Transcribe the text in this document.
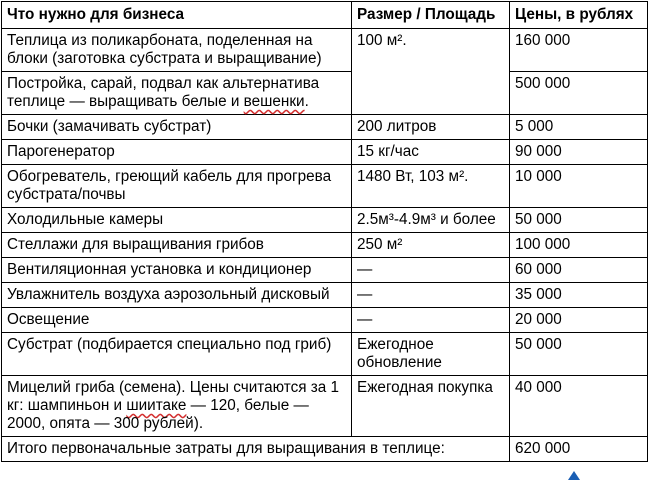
Что нужно для бизнеса	Размер / Площадь	Цены, в рублях
Теплица из поликарбоната, поделенная на блоки (заготовка субстрата и выращивание)	100 м².	160 000
Постройка, сарай, подвал как альтернатива теплице — выращивать белые и вешенки.		500 000
Бочки (замачивать субстрат)	200 литров	5 000
Парогенератор	15 кг/час	90 000
Обогреватель, греющий кабель для прогрева субстрата/почвы	1480 Вт, 103 м².	10 000
Холодильные камеры	2.5м³-4.9м³ и более	50 000
Стеллажи для выращивания грибов	250 м²	100 000
Вентиляционная установка и кондиционер	—	60 000
Увлажнитель воздуха аэрозольный дисковый	—	35 000
Освещение	—	20 000
Субстрат (подбирается специально под гриб)	Ежегодное обновление	50 000
Мицелий гриба (семена). Цены считаются за 1 кг: шампиньон и шиитаке — 120, белые — 2000, опята — 300 рублей).	Ежегодная покупка	40 000
Итого первоначальные затраты для выращивания в теплице:		620 000
